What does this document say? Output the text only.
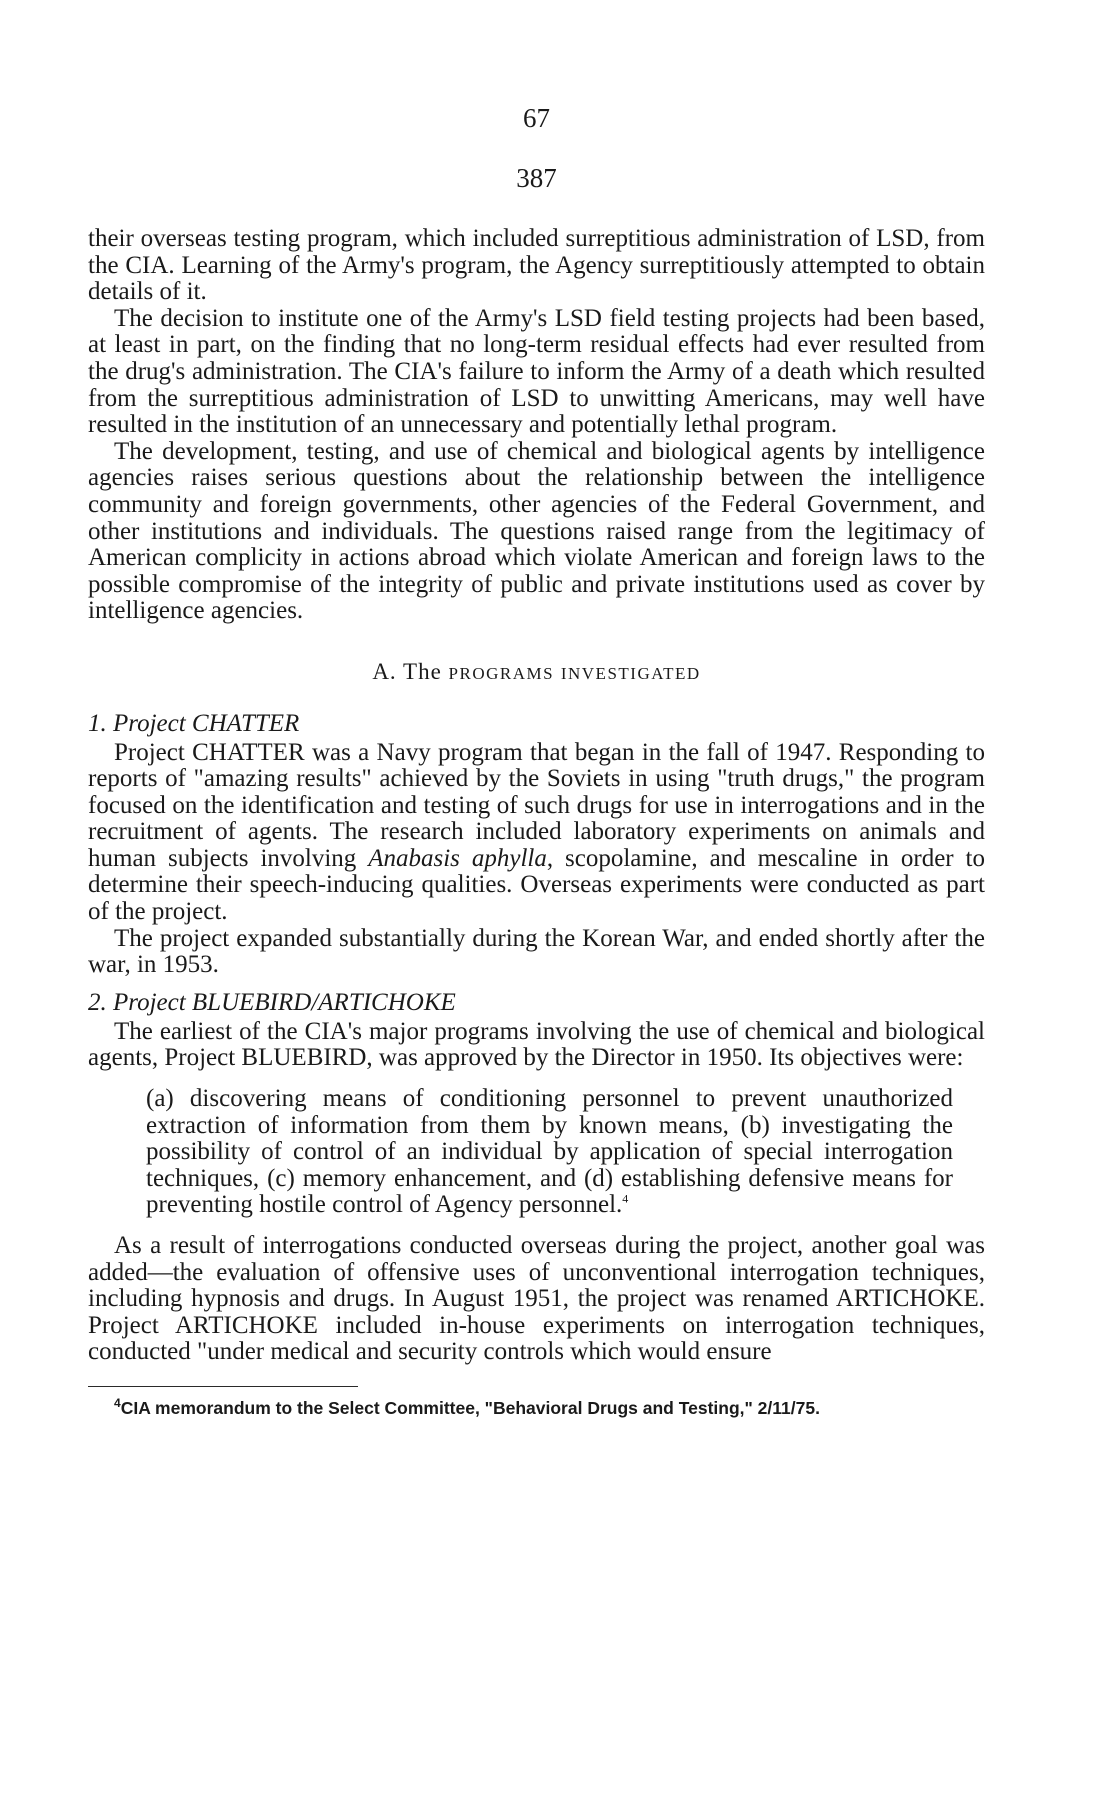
67
387

their overseas testing program, which included surreptitious administration of LSD, from the CIA. Learning of the Army's program, the Agency surreptitiously attempted to obtain details of it.

The decision to institute one of the Army's LSD field testing projects had been based, at least in part, on the finding that no long-term residual effects had ever resulted from the drug's administration. The CIA's failure to inform the Army of a death which resulted from the surreptitious administration of LSD to unwitting Americans, may well have resulted in the institution of an unnecessary and potentially lethal program.

The development, testing, and use of chemical and biological agents by intelligence agencies raises serious questions about the relationship between the intelligence community and foreign governments, other agencies of the Federal Government, and other institutions and individuals. The questions raised range from the legitimacy of American complicity in actions abroad which violate American and foreign laws to the possible compromise of the integrity of public and private institutions used as cover by intelligence agencies.

A. The PROGRAMS INVESTIGATED
1. Project CHATTER

Project CHATTER was a Navy program that began in the fall of 1947. Responding to reports of "amazing results" achieved by the Soviets in using "truth drugs," the program focused on the identification and testing of such drugs for use in interrogations and in the recruitment of agents. The research included laboratory experiments on animals and human subjects involving Anabasis aphylla, scopolamine, and mescaline in order to determine their speech-inducing qualities. Overseas experiments were conducted as part of the project.

The project expanded substantially during the Korean War, and ended shortly after the war, in 1953.

2. Project BLUEBIRD/ARTICHOKE

The earliest of the CIA's major programs involving the use of chemical and biological agents, Project BLUEBIRD, was approved by the Director in 1950. Its objectives were:

(a) discovering means of conditioning personnel to prevent unauthorized extraction of information from them by known means, (b) investigating the possibility of control of an individual by application of special interrogation techniques, (c) memory enhancement, and (d) establishing defensive means for preventing hostile control of Agency personnel.$^4$

As a result of interrogations conducted overseas during the project, another goal was added—the evaluation of offensive uses of unconventional interrogation techniques, including hypnosis and drugs. In August 1951, the project was renamed ARTICHOKE. Project ARTICHOKE included in-house experiments on interrogation techniques, conducted "under medical and security controls which would ensure

$^4$CIA memorandum to the Select Committee, "Behavioral Drugs and Testing," 2/11/75.
